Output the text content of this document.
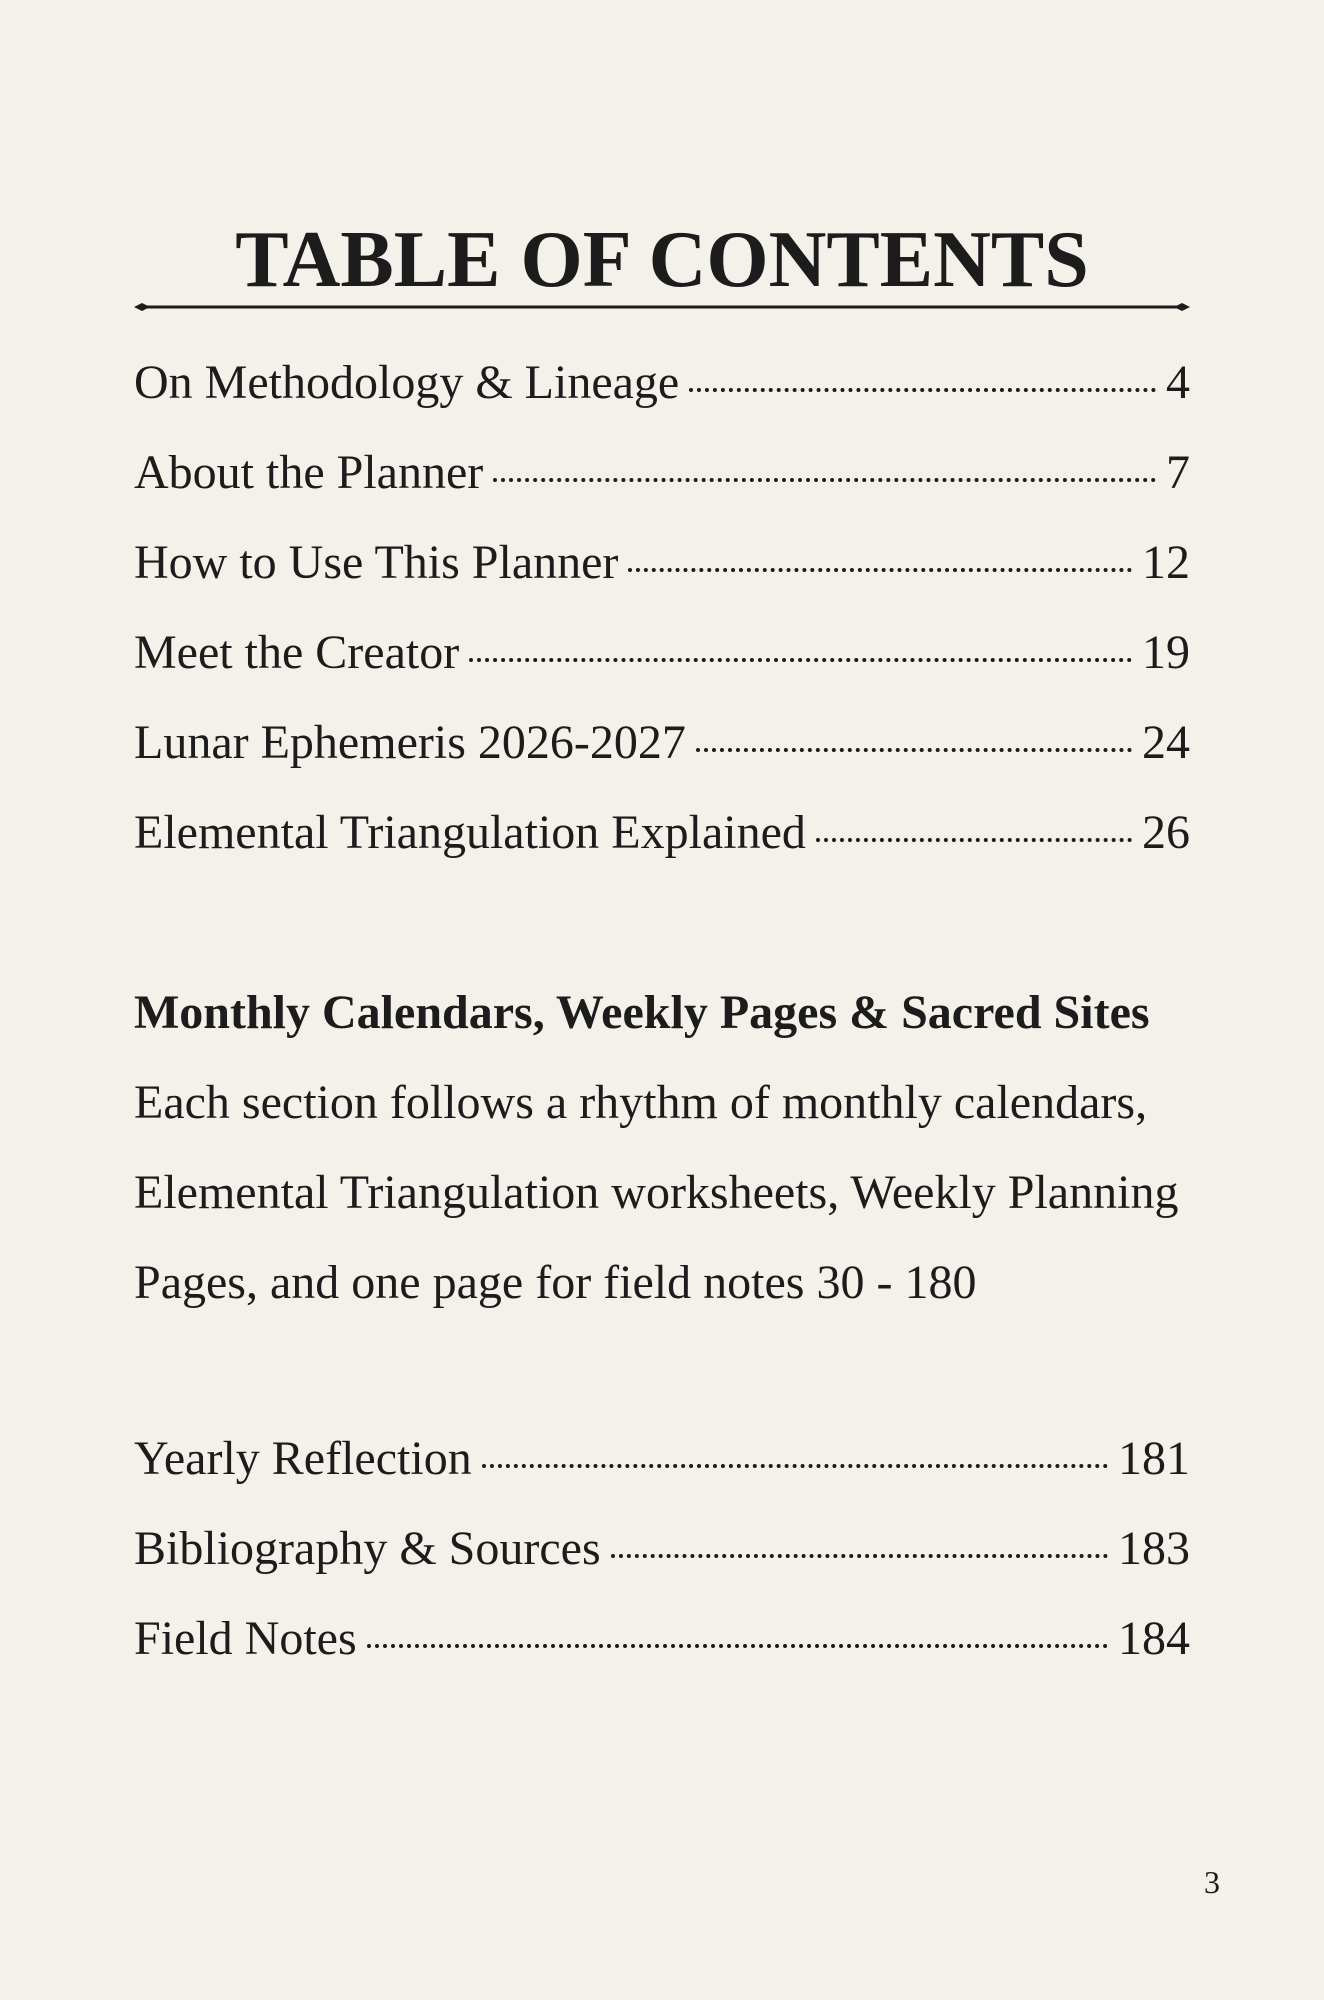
TABLE OF CONTENTS
On Methodology & Lineage	4
About the Planner	7
How to Use This Planner	12
Meet the Creator	19
Lunar Ephemeris 2026-2027	24
Elemental Triangulation Explained	26

Monthly Calendars, Weekly Pages & Sacred Sites

Each section follows a rhythm of monthly calendars,

Elemental Triangulation worksheets, Weekly Planning

Pages, and one page for field notes 30 - 180

Yearly Reflection	181
Bibliography & Sources	183
Field Notes	184
3
